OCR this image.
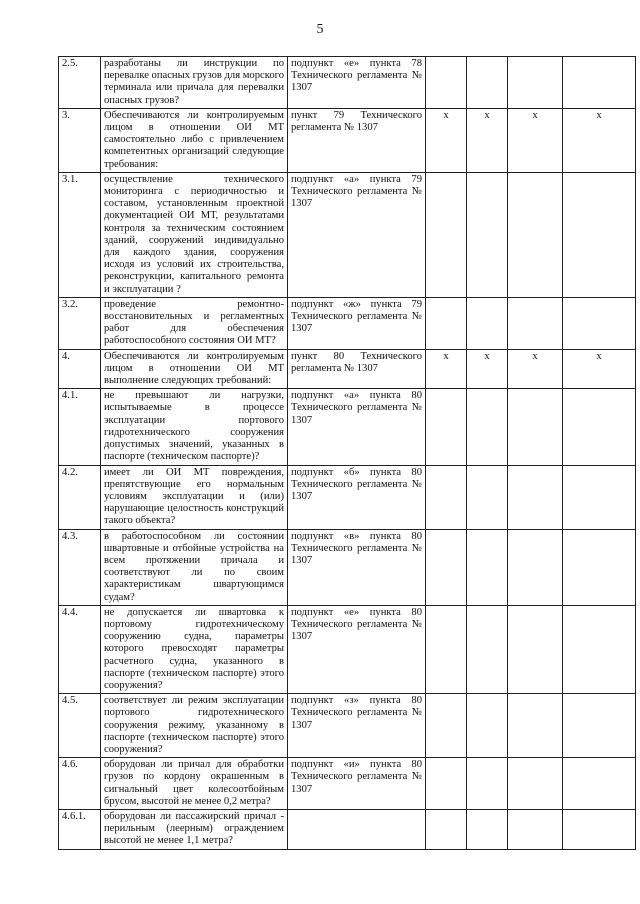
5
2.5.	разработаны ли инструкции по перевалке опасных грузов для морского терминала или причала для перевалки опасных грузов?	подпункт «е» пункта 78 Технического регламента № 1307				
3.	Обеспечиваются ли контролируемым лицом в отношении ОИ МТ самостоятельно либо с привлечением компетентных организаций следующие требования:	пункт 79 Технического регламента № 1307	x	x	x	x
3.1.	осуществление технического мониторинга с периодичностью и составом, установленным проектной документацией ОИ МТ, результатами контроля за техническим состоянием зданий, сооружений индивидуально для каждого здания, сооружения исходя из условий их строительства, реконструкции, капитального ремонта и эксплуатации ?	подпункт «а» пункта 79 Технического регламента № 1307				
3.2.	проведение ремонтно-восстановительных и регламентных работ для обеспечения работоспособного состояния ОИ МТ?	подпункт «ж» пункта 79 Технического регламента № 1307				
4.	Обеспечиваются ли контролируемым лицом в отношении ОИ МТ выполнение следующих требований:	пункт 80 Технического регламента № 1307	x	x	x	x
4.1.	не превышают ли нагрузки, испытываемые в процессе эксплуатации портового гидротехнического сооружения допустимых значений, указанных в паспорте (техническом паспорте)?	подпункт «а» пункта 80 Технического регламента № 1307				
4.2.	имеет ли ОИ МТ повреждения, препятствующие его нормальным условиям эксплуатации и (или) нарушающие целостность конструкций такого объекта?	подпункт «б» пункта 80 Технического регламента № 1307				
4.3.	в работоспособном ли состоянии швартовные и отбойные устройства на всем протяжении причала и соответствуют ли по своим характеристикам швартующимся судам?	подпункт «в» пункта 80 Технического регламента № 1307				
4.4.	не допускается ли швартовка к портовому гидротехническому сооружению судна, параметры которого превосходят параметры расчетного судна, указанного в паспорте (техническом паспорте) этого сооружения?	подпункт «е» пункта 80 Технического регламента № 1307				
4.5.	соответствует ли режим эксплуатации портового гидротехнического сооружения режиму, указанному в паспорте (техническом паспорте) этого сооружения?	подпункт «з» пункта 80 Технического регламента № 1307				
4.6.	оборудован ли причал для обработки грузов по кордону окрашенным в сигнальный цвет колесоотбойным брусом, высотой не менее 0,2 метра?	подпункт «и» пункта 80 Технического регламента № 1307				
4.6.1.	оборудован ли пассажирский причал - перильным (леерным) ограждением высотой не менее 1,1 метра?					
